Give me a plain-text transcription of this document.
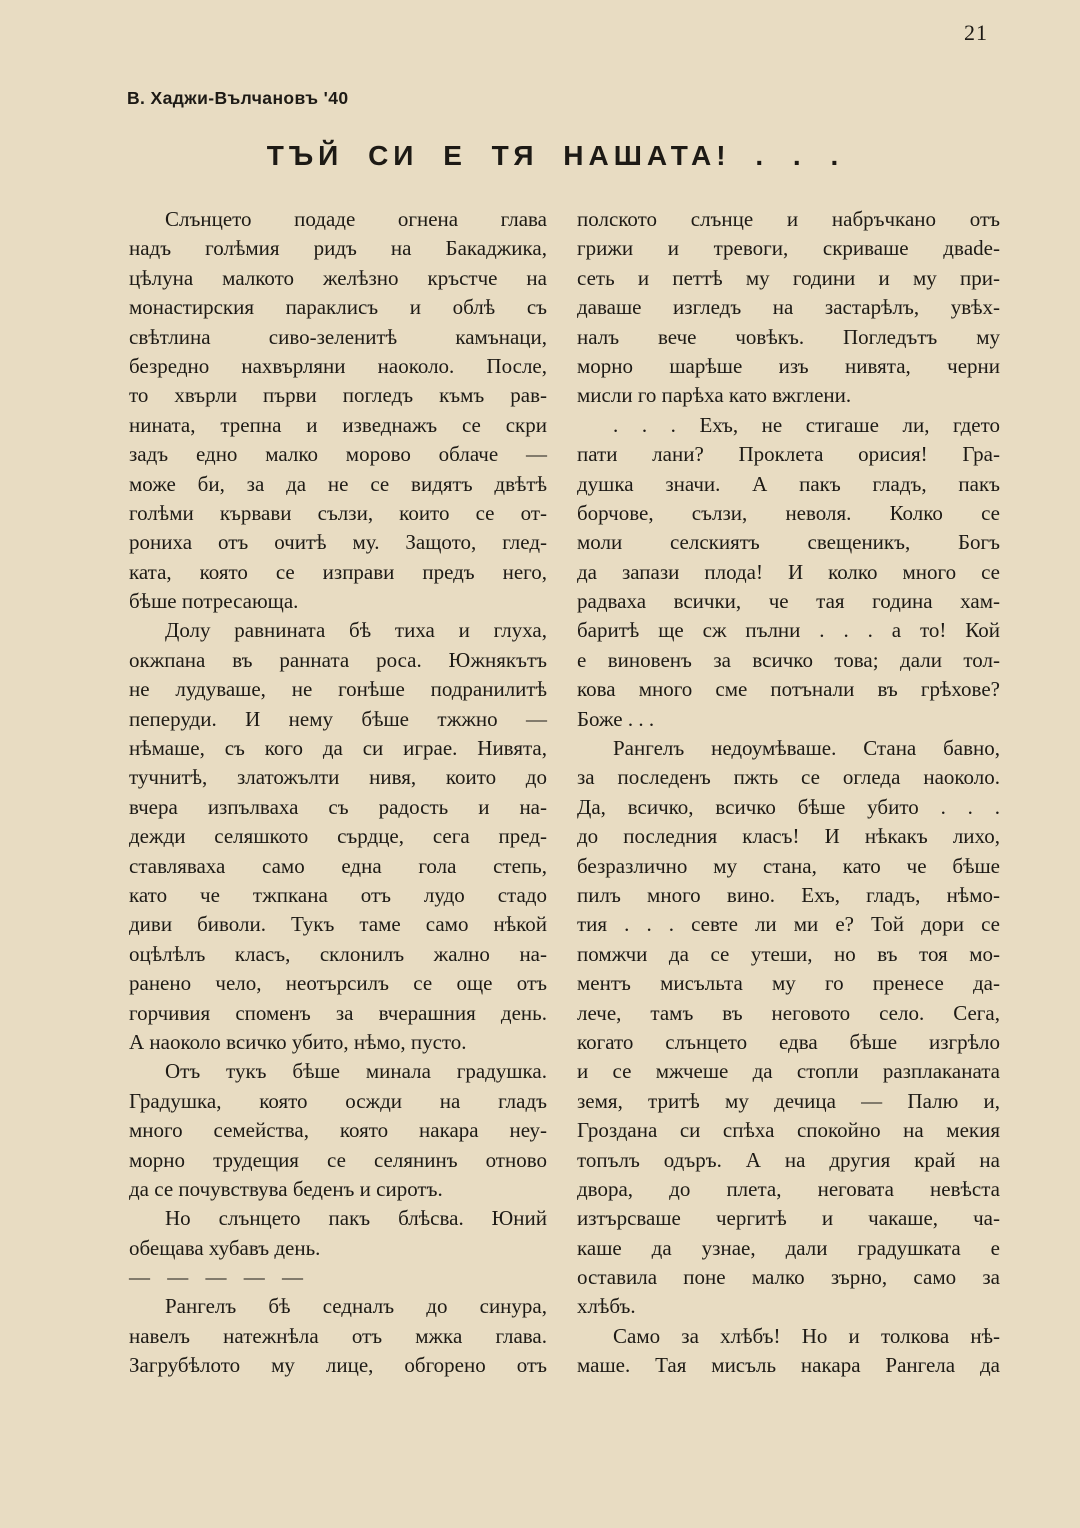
21
В. Хаджи-Вълчановъ '40
ТЪЙ СИ Е ТЯ НАШАТА! . . .
Слънцето подаде огнена глава
надъ голѣмия ридъ на Бакаджика,
цѣлуна малкото желѣзно кръстче на
монастирския параклисъ и облѣ съ
свѣтлина сиво-зеленитѣ камънаци,
безредно нахвърляни наоколо. После,
то хвърли първи погледъ къмъ рав-
нината, трепна и изведнажъ се скри
задъ едно малко морово облаче —
може би, за да не се видятъ двѣтѣ
голѣми кървави сълзи, които се от-
рониха отъ очитѣ му. Защото, глед-
ката, която се изправи предъ него,
бѣше потресающа.
Долу равнината бѣ тиха и глуха,
окжпана въ ранната роса. Южнякътъ
не лудуваше, не гонѣше подранилитѣ
пеперуди. И нему бѣше тжжно —
нѣмаше, съ кого да си играе. Нивята,
тучнитѣ, златожълти нивя, които до
вчера изпълваха съ радость и на-
дежди селяшкото сърдце, сега пред-
ставляваха само една гола степь,
като че тжпкана отъ лудо стадо
диви биволи. Тукъ таме само нѣкой
оцѣлѣлъ класъ, склонилъ жално на-
ранено чело, неотърсилъ се още отъ
горчивия споменъ за вчерашния день.
А наоколо всичко убито, нѣмо, пусто.
Отъ тукъ бѣше минала градушка.
Градушка, която осжди на гладъ
много семейства, която накара неу-
морно трудещия се селянинъ отново
да се почувствува беденъ и сиротъ.
Но слънцето пакъ блѣсва. Юний
обещава хубавъ день.
— — — — —
Рангелъ бѣ седналъ до синура,
навелъ натежнѣла отъ мжка глава.
Загрубѣлото му лице, обгорено отъ
полското слънце и набръчкано отъ
грижи и тревоги, скриваше двade-
сеть и петтѣ му години и му при-
даваше изгледъ на застарѣлъ, увѣх-
налъ вече човѣкъ. Погледътъ му
морно шарѣше изъ нивята, черни
мисли го парѣха като вжглени.
. . . Ехъ, не стигаше ли, гдето
пати лани? Проклета орисия! Гра-
душка значи. А пакъ гладъ, пакъ
борчове, сълзи, неволя. Колко се
моли селскиятъ свещеникъ, Богъ
да запази плода! И колко много се
радваха всички, че тая година хам-
баритѣ ще сж пълни . . . а то! Кой
е виновенъ за всичко това; дали тол-
кова много сме потънали въ грѣхове?
Боже . . .
Рангелъ недоумѣваше. Стана бавно,
за последенъ пжть се огледа наоколо.
Да, всичко, всичко бѣше убито . . .
до последния класъ! И нѣкакъ лихо,
безразлично му стана, като че бѣше
пилъ много вино. Ехъ, гладъ, нѣмо-
тия . . . севте ли ми е? Той дори се
помжчи да се утеши, но въ тоя мо-
ментъ мисъльта му го пренесе да-
лече, тамъ въ неговото село. Сега,
когато слънцето едва бѣше изгрѣло
и се мжчеше да стопли разплаканата
земя, тритѣ му дечица — Палю и,
Гроздана си спѣха спокойно на мекия
топълъ одъръ. А на другия край на
двора, до плета, неговата невѣста
изтърсваше чергитѣ и чакаше, ча-
каше да узнае, дали градушката е
оставила поне малко зърно, само за
хлѣбъ.
Само за хлѣбъ! Но и толкова нѣ-
маше. Тая мисъль накара Рангела да
